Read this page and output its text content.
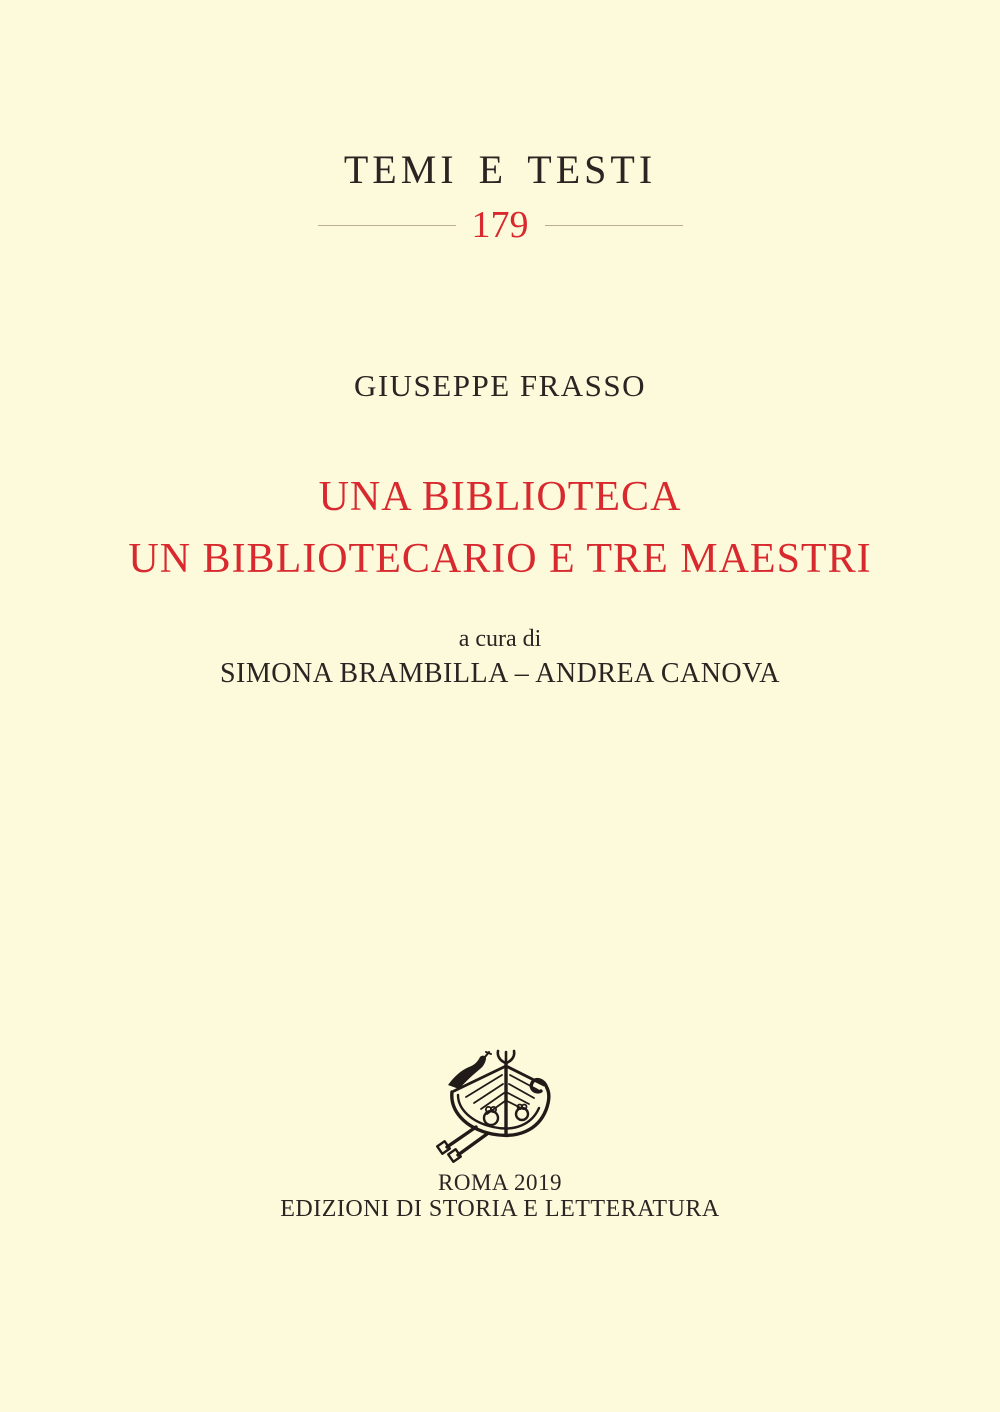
TEMI E TESTI
179
GIUSEPPE FRASSO
UNA BIBLIOTECA
UN BIBLIOTECARIO E TRE MAESTRI
a cura di
SIMONA BRAMBILLA – ANDREA CANOVA
ROMA 2019
EDIZIONI DI STORIA E LETTERATURA
